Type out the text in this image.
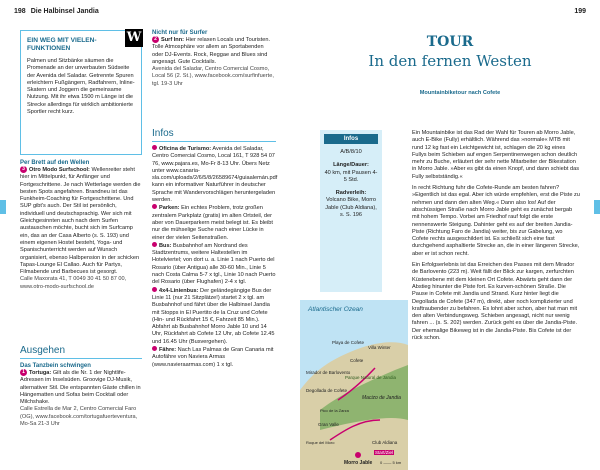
198 Die Halbinsel Jandia
W
EIN WEG MIT VIELEN-FUNKTIONEN

Palmen und Sitzbänke säumen die Promenade an der unverbauten Südseite der Avenida del Saladar. Getrennte Spuren erleichtern Fußgängern, Radfahrern, Inline-Skatern und Joggern die gemeinsame Nutzung. Mit ihr etwa 1500 m Länge ist die Strecke allerdings für wirklich ambitionierte Sportler recht kurz.

Per Brett auf den Wellen

3 Otro Modo Surfschool: Wellenreiter steht hier im Mittelpunkt, für Anfänger und Fortgeschrittene. Je nach Wetterlage werden die besten Spots angefahren. Brandneu ist das Funkheim-Coaching für Fortgeschrittene. Und SUP gibt's auch. Der Stil ist persönlich, individuell und deutschsprachig. Wer sich mit Gleichgesinnten auch nach dem Surfen austauschen möchte, bucht sich im Surfcamp ein, das an der Casa Alberto (s. S. 193) und einem eigenen Hostel besteht, Yoga- und Spanischunterricht werden auf Wunsch organisiert, ebenso Halbpension in der schicken Tapas-Lounge El Callao. Auch für Partys, Filmabende und Barbecues ist gesorgt.

Calle Maxorata 41, T 0049 30 41 50 87 00, www.otro-modo-surfschool.de

Ausgehen
Das Tanzbein schwingen

1 Tortuga: Gilt als die Nr. 1 der Nightlife-Adressen im Inselsüden. Groovige DJ-Musik, alternativer Stil. Die entspannten Gäste chillen in Hängematten und Sofas beim Cocktail oder Milchshake.

Calle Estrella de Mar 2, Centro Comercial Faro (OG), www.facebook.com/tortugafuerteventura, Mo-Sa 21-3 Uhr

Nicht nur für Surfer

2 Surf Inn: Hier relaxen Locals und Touristen. Tolle Atmosphäre vor allem an Sportabenden oder DJ-Events. Rock, Reggae and Blues sind angesagt. Gute Cocktails.

Avenida del Saladar, Centro Comercial Cosmo, Local 56 (2. St.), www.facebook.com/surfinfuerte, tgl. 19-3 Uhr

Infos

Oficina de Turismo: Avenida del Saladar, Centro Comercial Cosmo, Local 161, T 928 54 07 76, www.pajara.es, Mo-Fr 8-13 Uhr. Übers Netz unter www.canaria-sla.com/uploads/2/6/5/8/26589674/guiaalemán.pdf kann ein informativer Naturführer in deutscher Sprache mit Wandervorschlägen heruntergeladen werden.

Parken: Ein echtes Problem, trotz großen zentralem Parkplatz (gratis) im alten Ortsteil, der aber von Dauerparkern meist belegt ist. Es bleibt nur die mühselige Suche nach einer Lücke in einer der vielen Seitenstraßen.

Bus: Busbahnhof am Nordrand des Stadtzentrums, weitere Haltestellen im Hotelviertel; von dort u. a. Linie 1 nach Puerto del Rosario (über Antigua) alle 30-60 Min., Linie 5 nach Costa Calma 5-7 x tgl., Linie 10 nach Puerto del Rosario (über Flughafen) 2-4 x tgl.

4x4-Linienbus: Der geländegängige Bus der Linie 11 (nur 21 Sitzplätze!) startet 2 x tgl. am Busbahnhof und fährt über die Halbinsel Jandia mit Stopps in El Puertito de la Cruz und Cofete (Hin- und Rückfahrt 15 €, Fahrzeit 85 Min.). Abfahrt ab Busbahnhof Morro Jable 10 und 14 Uhr, Rückfahrt ab Cofete 12 Uhr, ab Cofete 12.45 und 16.45 Uhr (Busvergehen).

Fähre: Nach Las Palmas de Gran Canaria mit Autofähre von Naviera Armas (www.navieraarmas.com) 1 x tgl.

199
TOUR
In den fernen Westen
Mountainbiketour nach Cofete
Infos
A/B/8/10
Länge/Dauer:
40 km, mit Pausen 4-5 Std.
Radverleih:
Volcano Bike, Morro Jable (Club Aldiana), s. S. 196

Ein Mountainbike ist das Rad der Wahl für Touren ab Morro Jable, auch E-Bike (Fully) erhältlich. Während das »normale« MTB mit rund 12 kg fast ein Leichtgewicht ist, schlagen die 20 kg eines Fullys beim Schieben auf engen Serpentinenwegen schon deutlich mehr zu Buche, erläutert der sehr nette Mitarbeiter der Bikestation in Morro Jable. »Aber es gibt da einen Knopf, und dann schiebt das Fully selbstständig.«

In recht Richtung fuhr die Cofete-Runde am besten fahren? »Eigentlich ist das egal. Aber ich würde empfehlen, erst die Piste zu nehmen und dann den alten Weg.« Dann also los! Auf der abschüssigen Straße nach Morro Jable geht es zunächst bergab mit hohem Tempo. Vorbei am Friedhof rauf folgt die erste nennenswerte Steigung. Dahinter geht es auf der breiten Jandia-Piste (Richtung Faro de Jandia) weiter, bis zur Gabelung, wo Cofete rechts ausgeschildert ist. Es schließt sich eine fast durchgehend asphaltierte Strecke an, die in einer längeren Strecke, aber er ist schon recht.

Ein Erfolgserlebnis ist das Erreichen des Passes mit dem Mirador de Barlovento (223 m). Weit fällt der Blick zur kargen, zerfurchten Küstenebene mit dem kleinen Ort Cofete. Abwärts geht dann der Abstieg hinunter die Piste fort. Es kurven-schönen Straße. Die Pause in Cofete mit Jandia und Strand. Kurz hinter liegt die Degollada de Cofete (347 m), direkt, aber noch komplizierter und kraftraubender zu befahren. Es lohnt aber schon, aber hat man mit den alten Verbindungsweg. Schieben angesagt, nicht nur wenig fahren ... (s. S. 202) werden. Zurück geht es über die Jandia-Piste. Der ehemalige Bikeweg ist in die Jandia-Piste. Bis Cofete ist der rück schon.

Atlantischer Ozean
Playa de Cofete
Villa Winter
Cofete
Mirador de Barlovento
Degollada de Cofete
Parque Natural de Jandia
Macizo de Jandia
Gran Valle
Morro Jable
Club Aldiana
Start/Ziel
Pico de la Zarza
Roque del Moro
0 —— 5 km
